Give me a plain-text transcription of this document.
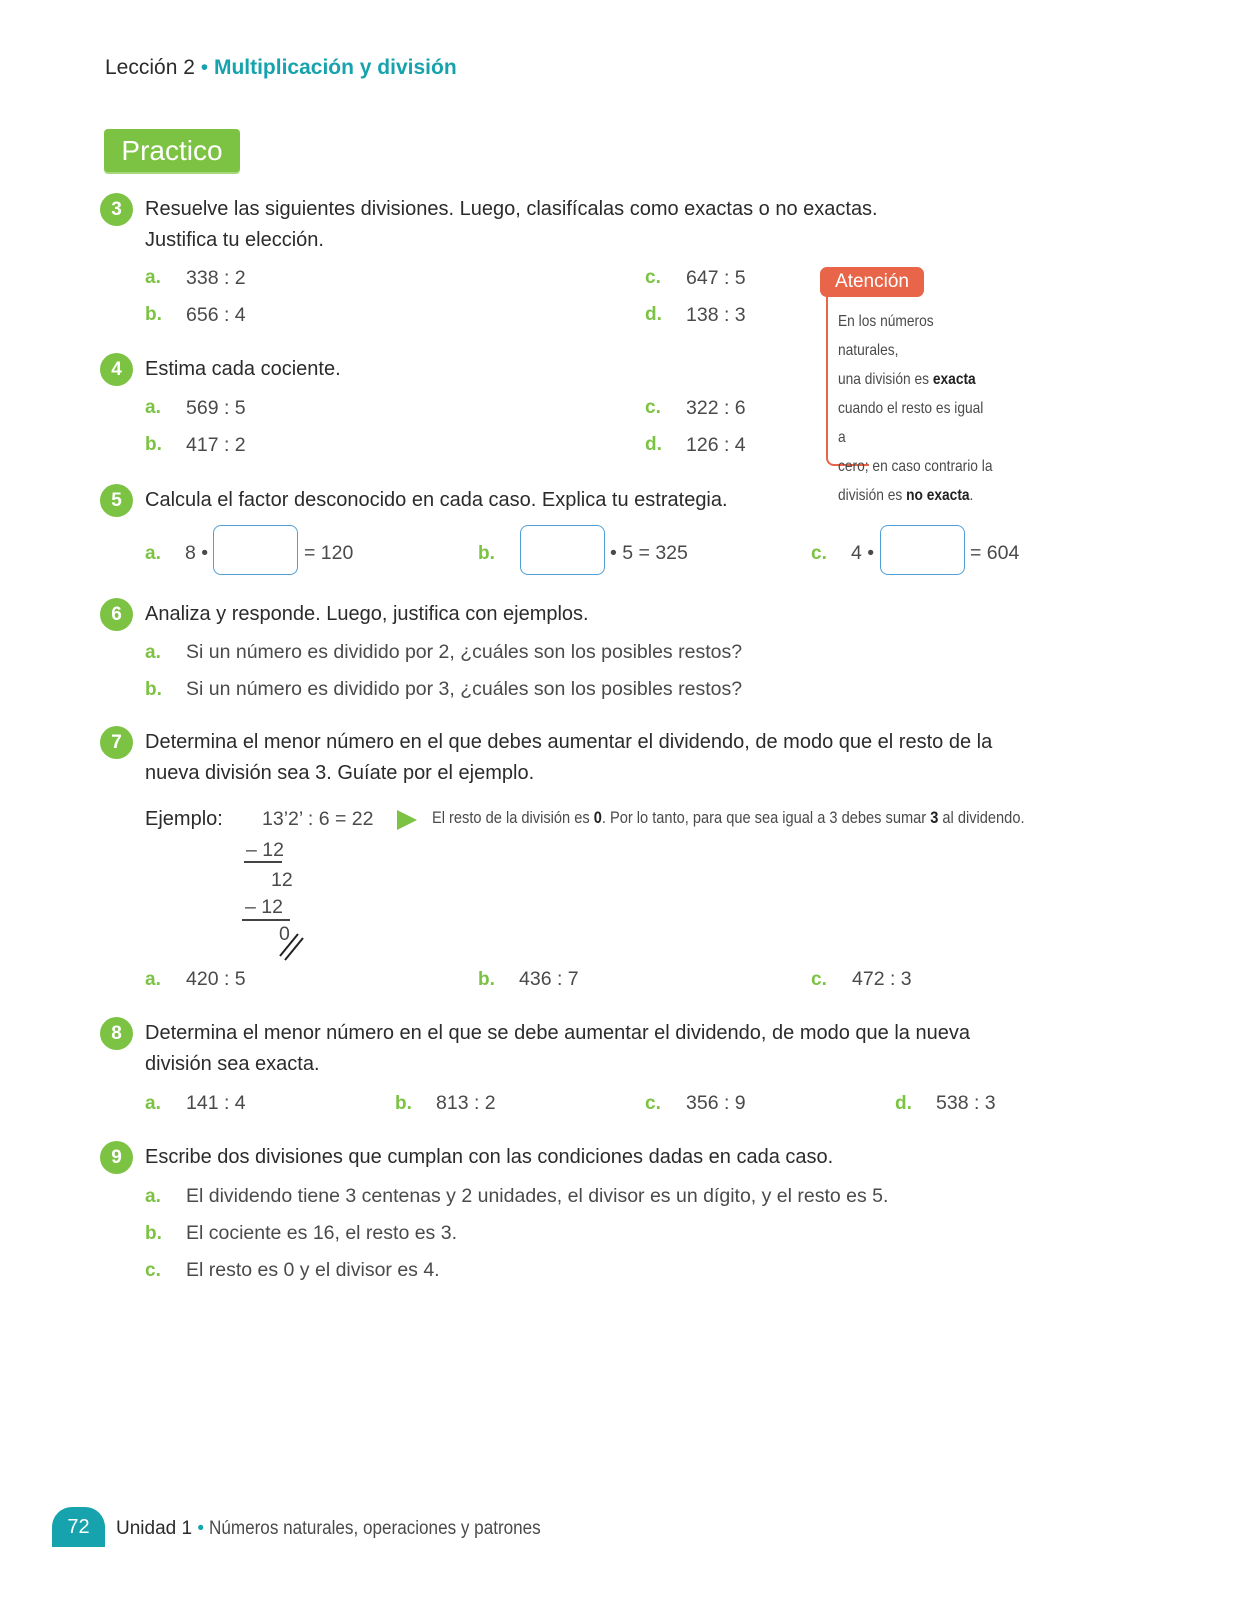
Lección 2 • Multiplicación y división
Practico
Atención
En los números naturales,
una división es exacta
cuando el resto es igual a
cero; en caso contrario la
división es no exacta.
3	Resuelve las siguientes divisiones. Luego, clasifícalas como exactas o no exactas.
Justifica tu elección.
a. 338 : 2
b. 656 : 4
c. 647 : 5
d. 138 : 3
4	Estima cada cociente.
a. 569 : 5
b. 417 : 2
c. 322 : 6
d. 126 : 4
5	Calcula el factor desconocido en cada caso. Explica tu estrategia.
a. 8 •	= 120	b.	• 5 = 325	c. 4 •	= 604
6	Analiza y responde. Luego, justifica con ejemplos.
a. Si un número es dividido por 2, ¿cuáles son los posibles restos?
b. Si un número es dividido por 3, ¿cuáles son los posibles restos?
7	Determina el menor número en el que debes aumentar el dividendo, de modo que el resto de la
nueva división sea 3. Guíate por el ejemplo.
Ejemplo: 13’2’ : 6 = 22	El resto de la división es 0. Por lo tanto, para que sea igual a 3 debes sumar 3 al dividendo.
– 12
12
– 12
0
a. 420 : 5	b. 436 : 7	c. 472 : 3
8	Determina el menor número en el que se debe aumentar el dividendo, de modo que la nueva
división sea exacta.
a. 141 : 4	b. 813 : 2	c. 356 : 9	d. 538 : 3
9	Escribe dos divisiones que cumplan con las condiciones dadas en cada caso.
a. El dividendo tiene 3 centenas y 2 unidades, el divisor es un dígito, y el resto es 5.
b. El cociente es 16, el resto es 3.
c. El resto es 0 y el divisor es 4.
72	Unidad 1 • Números naturales, operaciones y patrones
